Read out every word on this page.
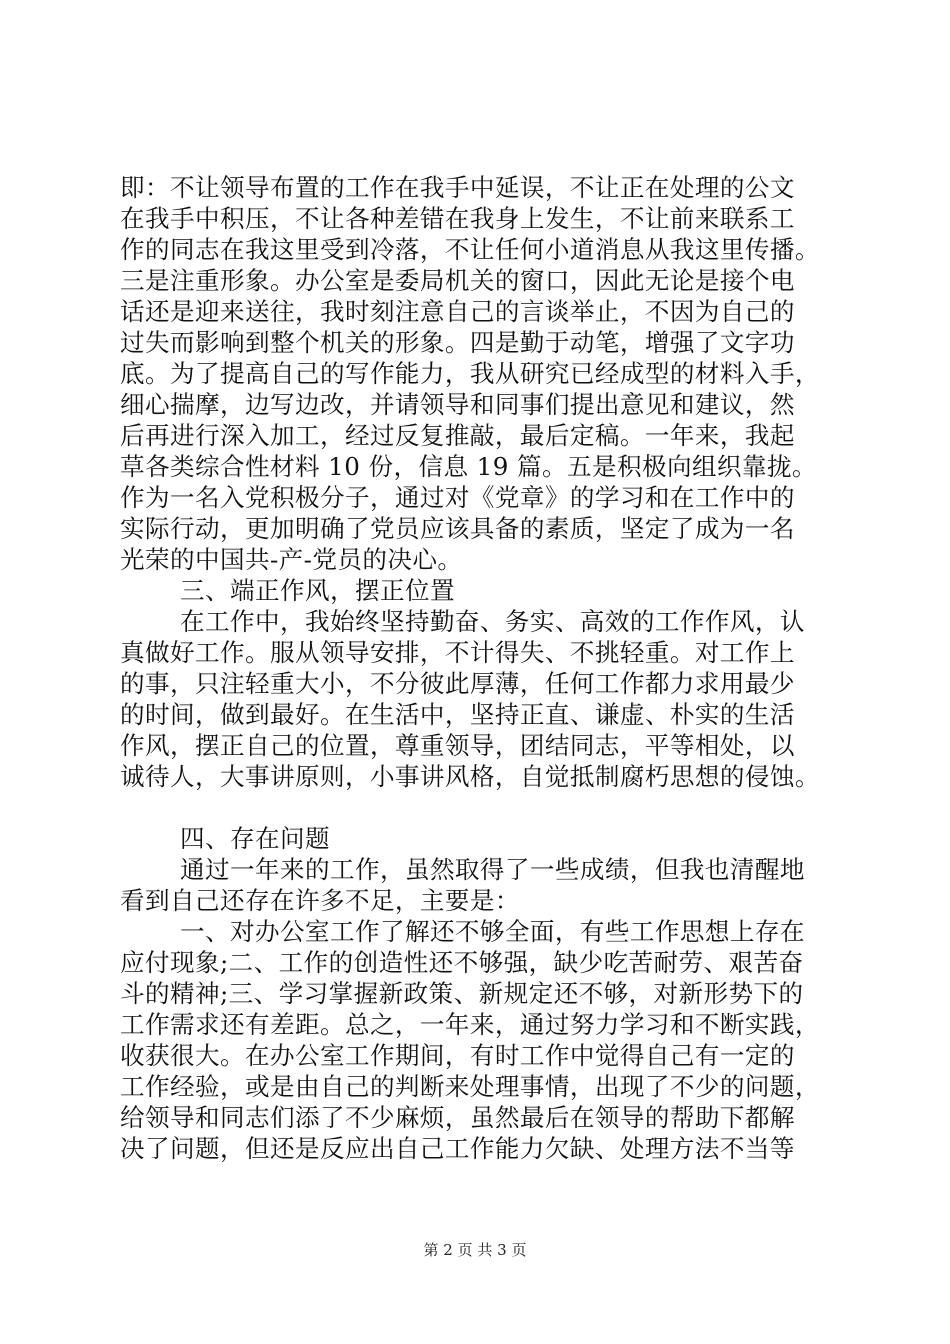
即：不让领导布置的工作在我手中延误，不让正在处理的公文
在我手中积压，不让各种差错在我身上发生，不让前来联系工
作的同志在我这里受到冷落，不让任何小道消息从我这里传播。
三是注重形象。办公室是委局机关的窗口，因此无论是接个电
话还是迎来送往，我时刻注意自己的言谈举止，不因为自己的
过失而影响到整个机关的形象。四是勤于动笔，增强了文字功
底。为了提高自己的写作能力，我从研究已经成型的材料入手，
细心揣摩，边写边改，并请领导和同事们提出意见和建议，然
后再进行深入加工，经过反复推敲，最后定稿。一年来，我起
草各类综合性材料 10 份，信息 19 篇。五是积极向组织靠拢。
作为一名入党积极分子，通过对《党章》的学习和在工作中的
实际行动，更加明确了党员应该具备的素质，坚定了成为一名
光荣的中国共-产-党员的决心。
三、端正作风，摆正位置
在工作中，我始终坚持勤奋、务实、高效的工作作风，认
真做好工作。服从领导安排，不计得失、不挑轻重。对工作上
的事，只注轻重大小，不分彼此厚薄，任何工作都力求用最少
的时间，做到最好。在生活中，坚持正直、谦虚、朴实的生活
作风，摆正自己的位置，尊重领导，团结同志，平等相处，以
诚待人，大事讲原则，小事讲风格，自觉抵制腐朽思想的侵蚀。
四、存在问题
通过一年来的工作，虽然取得了一些成绩，但我也清醒地
看到自己还存在许多不足，主要是：
一、对办公室工作了解还不够全面，有些工作思想上存在
应付现象;二、工作的创造性还不够强，缺少吃苦耐劳、艰苦奋
斗的精神;三、学习掌握新政策、新规定还不够，对新形势下的
工作需求还有差距。总之，一年来，通过努力学习和不断实践，
收获很大。在办公室工作期间，有时工作中觉得自己有一定的
工作经验，或是由自己的判断来处理事情，出现了不少的问题，
给领导和同志们添了不少麻烦，虽然最后在领导的帮助下都解
决了问题，但还是反应出自己工作能力欠缺、处理方法不当等
第 2 页 共 3 页
